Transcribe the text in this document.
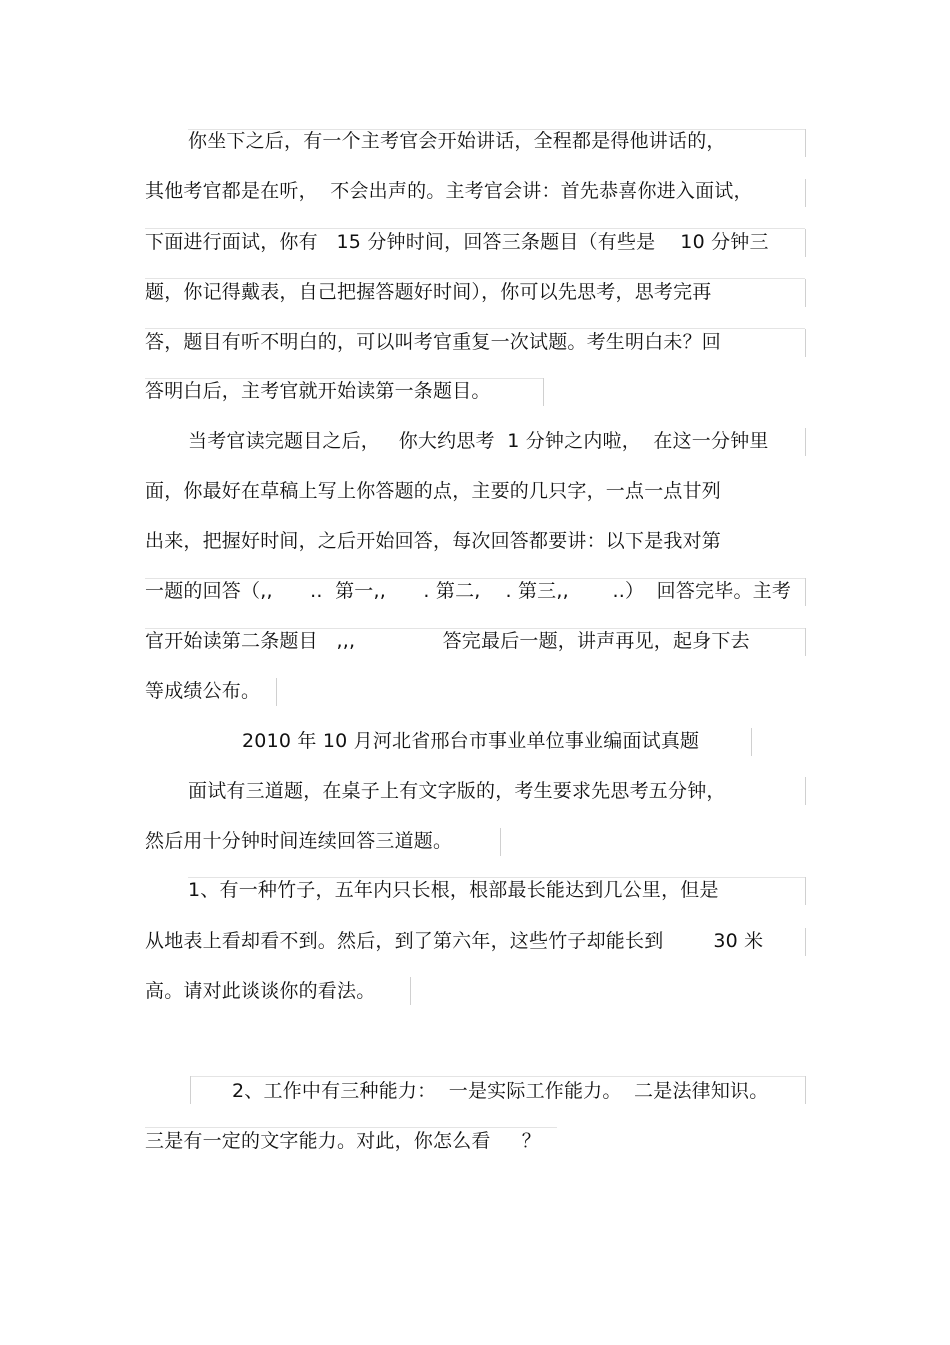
你坐下之后，有一个主考官会开始讲话，全程都是得他讲话的，
其他考官都是在听，  不会出声的。主考官会讲：首先恭喜你进入面试，
下面进行面试，你有   15 分钟时间，回答三条题目（有些是    10 分钟三
题，你记得戴表，自己把握答题好时间），你可以先思考，思考完再
答，题目有听不明白的，可以叫考官重复一次试题。考生明白未？回
答明白后，主考官就开始读第一条题目。
当考官读完题目之后，   你大约思考  1 分钟之内啦，  在这一分钟里
面，你最好在草稿上写上你答题的点，主要的几只字，一点一点甘列
出来，把握好时间，之后开始回答，每次回答都要讲：以下是我对第
一题的回答（,,      ..  第一,,      . 第二,    . 第三,,       ..）  回答完毕。主考
官开始读第二条题目   ,,,              答完最后一题，讲声再见，起身下去
等成绩公布。
2010 年 10 月河北省邢台市事业单位事业编面试真题
面试有三道题，在桌子上有文字版的，考生要求先思考五分钟，
然后用十分钟时间连续回答三道题。
1、有一种竹子，五年内只长根，根部最长能达到几公里，但是
从地表上看却看不到。然后，到了第六年，这些竹子却能长到        30 米
高。请对此谈谈你的看法。
2、工作中有三种能力：  一是实际工作能力。  二是法律知识。
三是有一定的文字能力。对此，你怎么看     ？
